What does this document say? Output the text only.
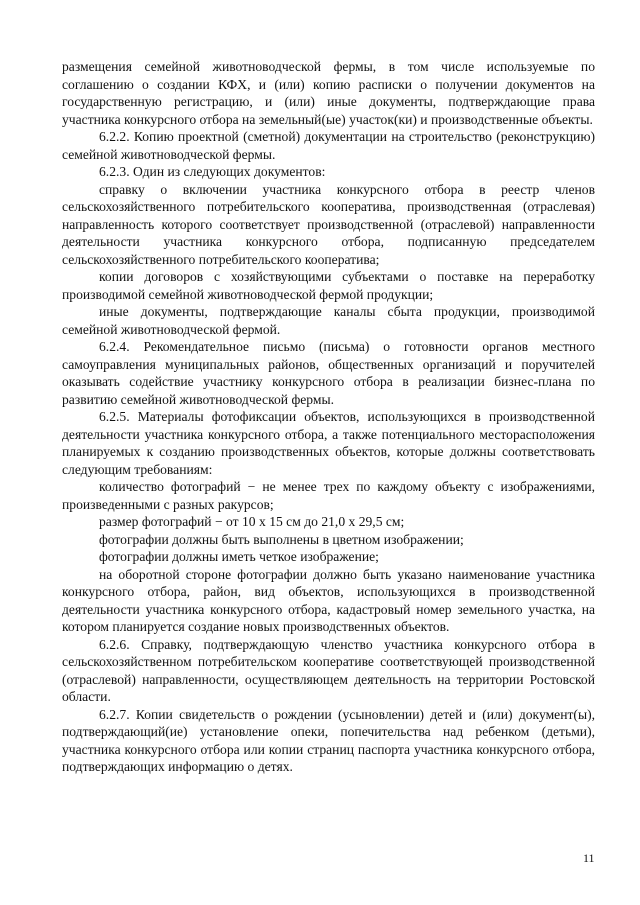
размещения семейной животноводческой фермы, в том числе используемые по соглашению о создании КФХ, и (или) копию расписки о получении документов на государственную регистрацию, и (или) иные документы, подтверждающие права участника конкурсного отбора на земельный(ые) участок(ки) и производственные объекты.

6.2.2. Копию проектной (сметной) документации на строительство (реконструкцию) семейной животноводческой фермы.

6.2.3. Один из следующих документов:

справку о включении участника конкурсного отбора в реестр членов сельскохозяйственного потребительского кооператива, производственная (отраслевая) направленность которого соответствует производственной (отраслевой) направленности деятельности участника конкурсного отбора, подписанную председателем сельскохозяйственного потребительского кооператива;

копии договоров с хозяйствующими субъектами о поставке на переработку производимой семейной животноводческой фермой продукции;

иные документы, подтверждающие каналы сбыта продукции, производимой семейной животноводческой фермой.

6.2.4. Рекомендательное письмо (письма) о готовности органов местного самоуправления муниципальных районов, общественных организаций и поручителей оказывать содействие участнику конкурсного отбора в реализации бизнес-плана по развитию семейной животноводческой фермы.

6.2.5. Материалы фотофиксации объектов, использующихся в производственной деятельности участника конкурсного отбора, а также потенциального месторасположения планируемых к созданию производственных объектов, которые должны соответствовать следующим требованиям:

количество фотографий − не менее трех по каждому объекту с изображениями, произведенными с разных ракурсов;

размер фотографий − от 10 х 15 см до 21,0 х 29,5 см;

фотографии должны быть выполнены в цветном изображении;

фотографии должны иметь четкое изображение;

на оборотной стороне фотографии должно быть указано наименование участника конкурсного отбора, район, вид объектов, использующихся в производственной деятельности участника конкурсного отбора, кадастровый номер земельного участка, на котором планируется создание новых производственных объектов.

6.2.6. Справку, подтверждающую членство участника конкурсного отбора в сельскохозяйственном потребительском кооперативе соответствующей производственной (отраслевой) направленности, осуществляющем деятельность на территории Ростовской области.

6.2.7. Копии свидетельств о рождении (усыновлении) детей и (или) документ(ы), подтверждающий(ие) установление опеки, попечительства над ребенком (детьми), участника конкурсного отбора или копии страниц паспорта участника конкурсного отбора, подтверждающих информацию о детях.

11
